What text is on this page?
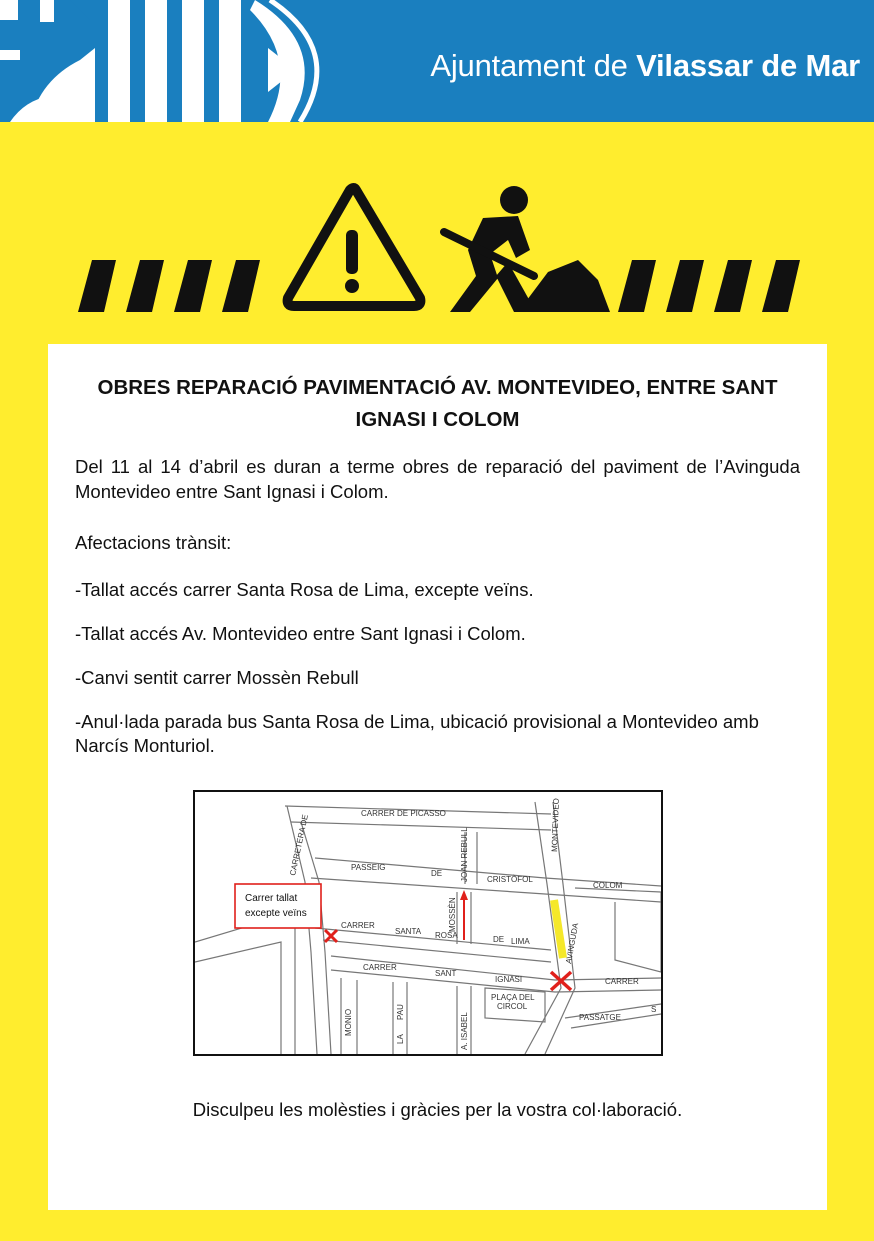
Ajuntament de Vilassar de Mar

OBRES REPARACIÓ PAVIMENTACIÓ AV. MONTEVIDEO, ENTRE SANT IGNASI I COLOM

Del 11 al 14 d’abril es duran a terme obres de reparació del paviment de l’Avinguda Montevideo entre Sant Ignasi i Colom.

Afectacions trànsit:

-Tallat accés carrer Santa Rosa de Lima, excepte veïns.
-Tallat accés Av. Montevideo entre Sant Ignasi i Colom.
-Canvi sentit carrer Mossèn Rebull
-Anul·lada parada bus Santa Rosa de Lima, ubicació provisional a Montevideo amb Narcís Monturiol.
Carrer tallat
excepte veïns
CARRER DE PICASSO
CARRETERA DE	MONTEVIDEO
PASSEIG
DE JOAN REBULL CRISTÒFOL
COLOM
MOSSÈN
CARRER
SANTA ROSA	DE LIMA	AVINGUDA
CARRER
SANT
IGNASI	CARRER
PLAÇA DEL
CIRCOL
PASSATGE
S
MONIO
LA
PAU
A. ISABEL

Disculpeu les molèsties i gràcies per la vostra col·laboració.
